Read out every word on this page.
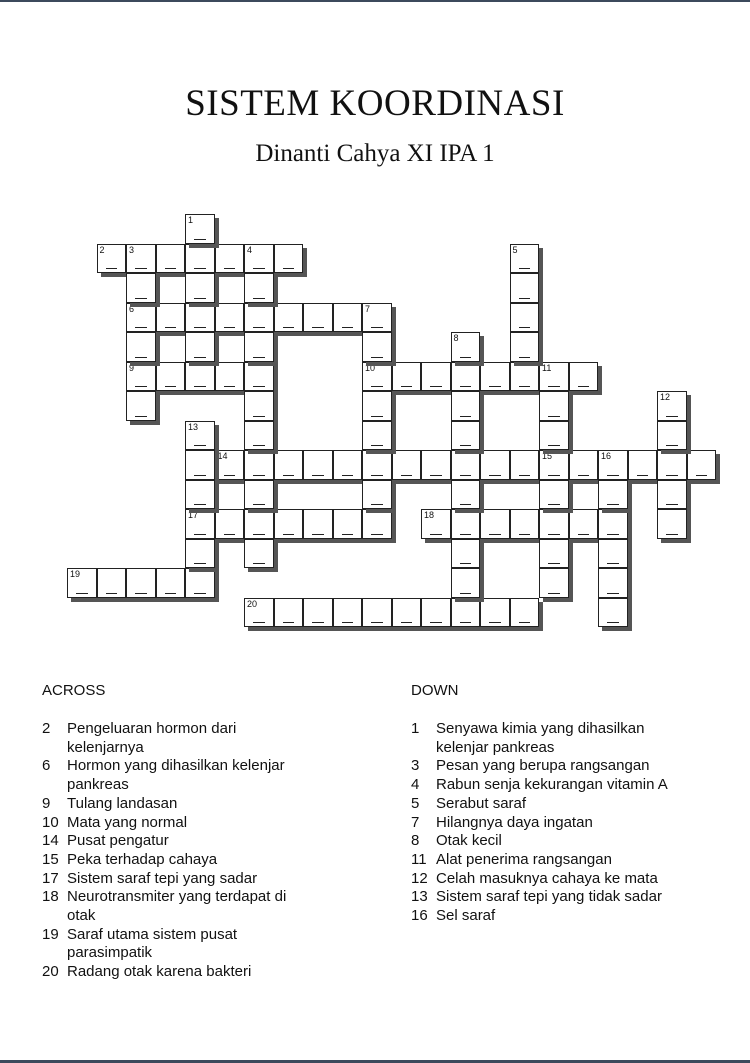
SISTEM KOORDINASI
Dinanti Cahya XI IPA 1
2	3	4
6
9	10	11
14	15	16
17	18
19
20
1
5
7
8
12
13
ACROSS	DOWN
2	Pengeluaran hormon dari kelenjarnya
6	Hormon yang dihasilkan kelenjar pankreas
9	Tulang landasan
10 Mata yang normal
14 Pusat pengatur
15 Peka terhadap cahaya
17 Sistem saraf tepi yang sadar
18 Neurotransmiter yang terdapat di otak
19 Saraf utama sistem pusat parasimpatik
20 Radang otak karena bakteri
1	Senyawa kimia yang dihasilkan kelenjar pankreas
3	Pesan yang berupa rangsangan
4	Rabun senja kekurangan vitamin A
5	Serabut saraf
7	Hilangnya daya ingatan
8	Otak kecil
11 Alat penerima rangsangan
12 Celah masuknya cahaya ke mata
13 Sistem saraf tepi yang tidak sadar
16 Sel saraf
